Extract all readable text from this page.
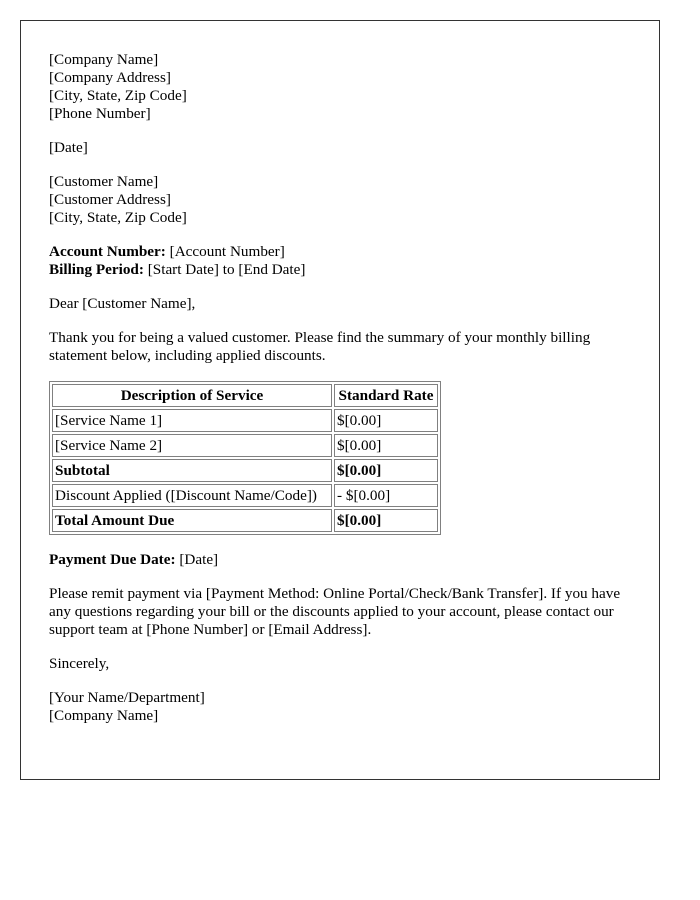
[Company Name]
[Company Address]
[City, State, Zip Code]
[Phone Number]
[Date]
[Customer Name]
[Customer Address]
[City, State, Zip Code]
Account Number: [Account Number]
Billing Period: [Start Date] to [End Date]
Dear [Customer Name],

Thank you for being a valued customer. Please find the summary of your monthly billing statement below, including applied discounts.

Description of Service	Standard Rate
[Service Name 1]	$[0.00]
[Service Name 2]	$[0.00]
Subtotal	$[0.00]
Discount Applied ([Discount Name/Code])	- $[0.00]
Total Amount Due	$[0.00]
Payment Due Date: [Date]

Please remit payment via [Payment Method: Online Portal/Check/Bank Transfer]. If you have any questions regarding your bill or the discounts applied to your account, please contact our support team at [Phone Number] or [Email Address].

Sincerely,
[Your Name/Department]
[Company Name]
